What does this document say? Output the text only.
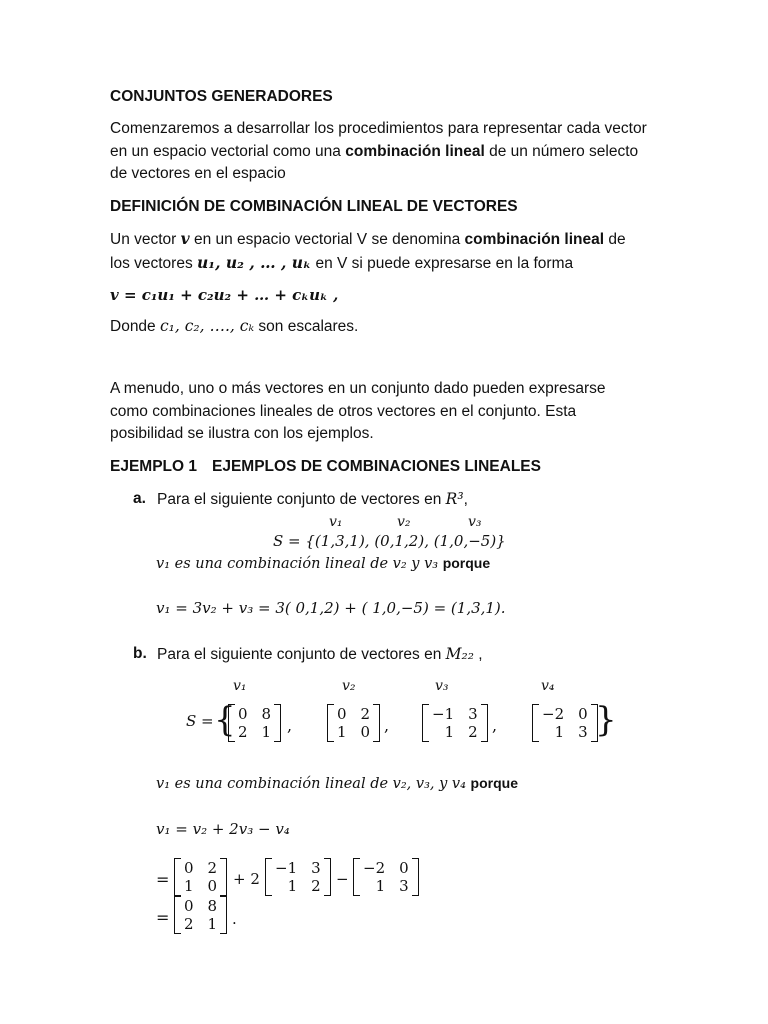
CONJUNTOS GENERADORES
Comenzaremos a desarrollar los procedimientos para representar cada vector en un espacio vectorial como una combinación lineal de un número selecto de vectores en el espacio
DEFINICIÓN DE COMBINACIÓN LINEAL DE VECTORES
Un vector v en un espacio vectorial V se denomina combinación lineal de
los vectores u₁, u₂ , … , uₖ en V si puede expresarse en la forma
v = c₁u₁ + c₂u₂ + … + cₖuₖ ,
Donde c₁, c₂, …., cₖ son escalares.
A menudo, uno o más vectores en un conjunto dado pueden expresarse como combinaciones lineales de otros vectores en el conjunto. Esta posibilidad se ilustra con los ejemplos.
EJEMPLO 1 EJEMPLOS DE COMBINACIONES LINEALES
a. Para el siguiente conjunto de vectores en R³,
v₁	v₂	v₃
S = {(1,3,1), (0,1,2), (1,0,−5)}
v₁ es una combinación lineal de v₂ y v₃ porque
v₁ = 3v₂ + v₃ = 3( 0,1,2) + ( 1,0,−5) = (1,3,1).
b. Para el siguiente conjunto de vectores en M₂₂ ,
v₁	v₂	v₃	v₄
S = { 0 8
2 1 ,
0 2
1 0 ,
−1 3
1 2 ,
−2 0
1 3 }
v₁ es una combinación lineal de v₂, v₃, y v₄ porque
v₁ = v₂ + 2v₃ − v₄
=
0 2
1 0 + 2
−1 3
1 2 −
−2 0
1 3
=
0 8
2 1 .
